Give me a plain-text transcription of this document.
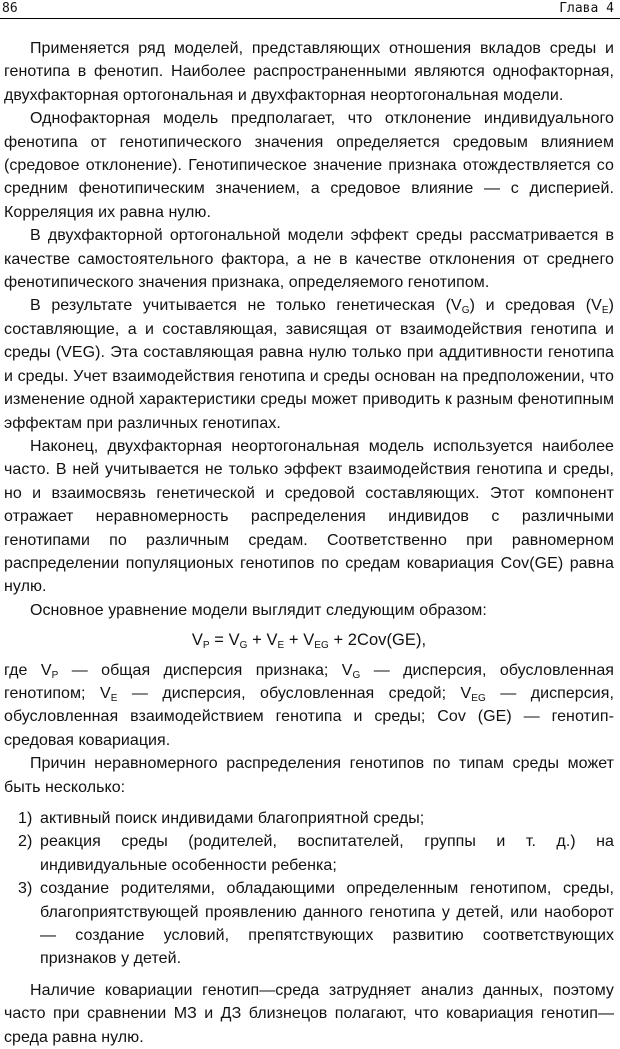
86	Глава 4

Применяется ряд моделей, представляющих отношения вкладов среды и генотипа в фенотип. Наиболее распространенными являются однофакторная, двухфакторная ортогональная и двухфакторная неортогональная модели.

Однофакторная модель предполагает, что отклонение индивидуального фенотипа от генотипического значения определяется средовым влиянием (средовое отклонение). Генотипическое значение признака отождествляется со средним фенотипическим значением, а средовое влияние — с дисперией. Корреляция их равна нулю.

В двухфакторной ортогональной модели эффект среды рассматривается в качестве самостоятельного фактора, а не в качестве отклонения от среднего фенотипического значения признака, определяемого генотипом.

В результате учитывается не только генетическая $(V_G)$ и средовая $(V_E)$ составляющие, а и составляющая, зависящая от взаимодействия генотипа и среды (VEG). Эта составляющая равна нулю только при аддитивности генотипа и среды. Учет взаимодействия генотипа и среды основан на предположении, что изменение одной характеристики среды может приводить к разным фенотипным эффектам при различных генотипах.

Наконец, двухфакторная неортогональная модель используется наиболее часто. В ней учитывается не только эффект взаимодействия генотипа и среды, но и взаимосвязь генетической и средовой составляющих. Этот компонент отражает неравномерность распределения индивидов с различными генотипами по различным средам. Соответственно при равномерном распределении популяционых генотипов по средам ковариация Cov(GE) равна нулю.

Основное уравнение модели выглядит следующим образом:

$V_P = V_G + V_E + V_{EG} + 2Cov(GE)$,

где $V_P$ — общая дисперсия признака; $V_G$ — дисперсия, обусловленная генотипом; $V_E$ — дисперсия, обусловленная средой; $V_{EG}$ — дисперсия, обусловленная взаимодействием генотипа и среды; Cov (GE) — генотип-средовая ковариация.

Причин неравномерного распределения генотипов по типам среды может быть несколько:

1) активный поиск индивидами благоприятной среды;
2) реакция среды (родителей, воспитателей, группы и т. д.) на индивидуальные особенности ребенка;
3) создание родителями, обладающими определенным генотипом, среды, благоприятствующей проявлению данного генотипа у детей, или наоборот — создание условий, препятствующих развитию соответствующих признаков у детей.

Наличие ковариации генотип—среда затрудняет анализ данных, поэтому часто при сравнении МЗ и ДЗ близнецов полагают, что ковариация генотип—среда равна нулю.
